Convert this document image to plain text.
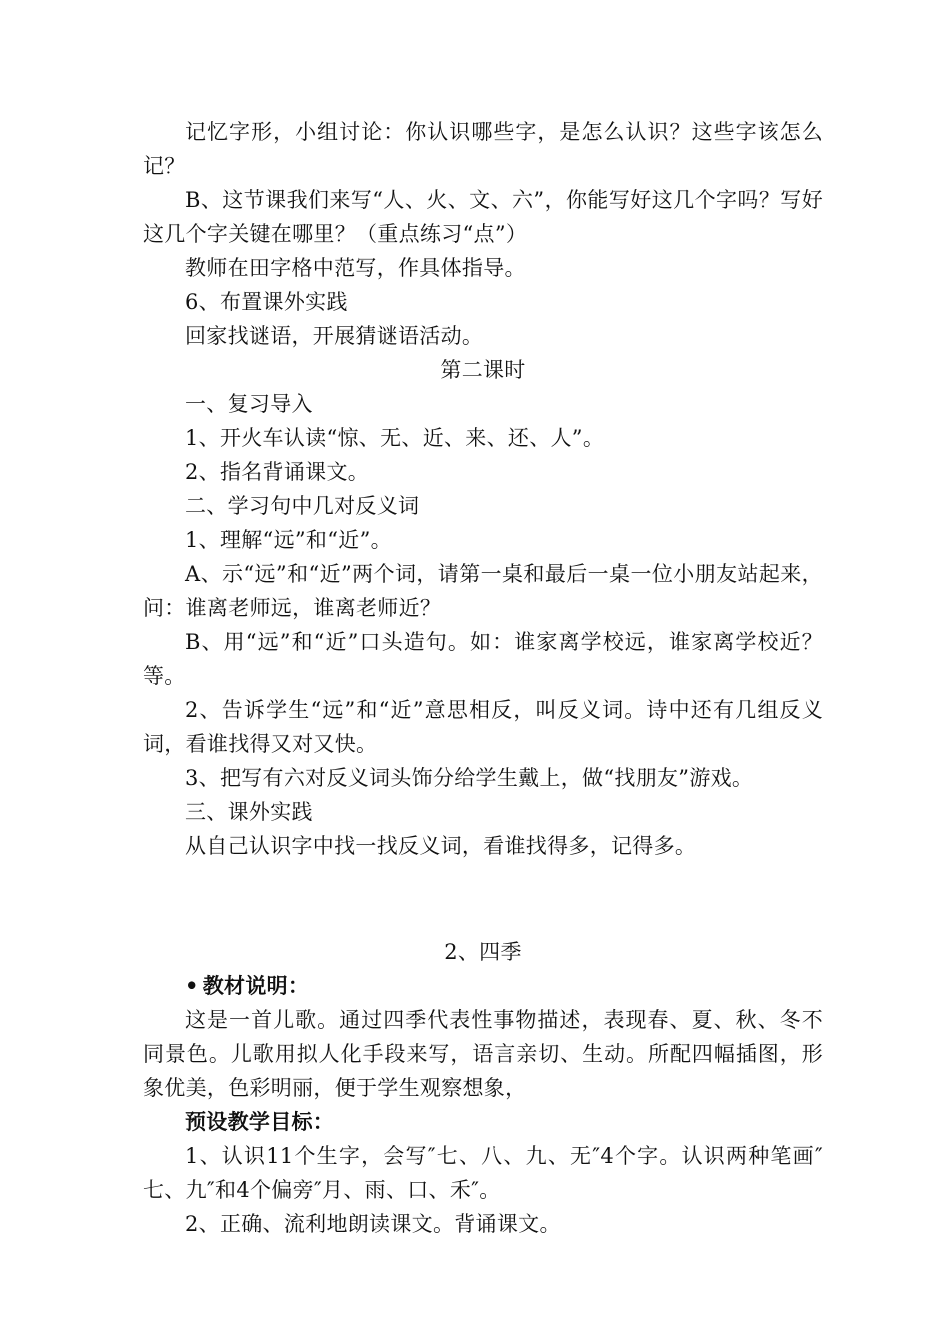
记忆字形，小组讨论：你认识哪些字，是怎么认识？这些字该怎么记？

B、这节课我们来写“人、火、文、六”，你能写好这几个字吗？写好这几个字关键在哪里？（重点练习“点”）

教师在田字格中范写，作具体指导。

6、布置课外实践

回家找谜语，开展猜谜语活动。

第二课时

一、复习导入

1、开火车认读“惊、无、近、来、还、人”。

2、指名背诵课文。

二、学习句中几对反义词

1、理解“远”和“近”。

A、示“远”和“近”两个词，请第一桌和最后一桌一位小朋友站起来，问：谁离老师远，谁离老师近？

B、用“远”和“近”口头造句。如：谁家离学校远，谁家离学校近？等。

2、告诉学生“远”和“近”意思相反，叫反义词。诗中还有几组反义词，看谁找得又对又快。

3、把写有六对反义词头饰分给学生戴上，做“找朋友”游戏。

三、课外实践

从自己认识字中找一找反义词，看谁找得多，记得多。

2、四季

• 教材说明：

这是一首儿歌。通过四季代表性事物描述，表现春、夏、秋、冬不同景色。儿歌用拟人化手段来写，语言亲切、生动。所配四幅插图，形象优美，色彩明丽，便于学生观察想象，

预设教学目标：

1、认识11个生字，会写″七、八、九、无″4个字。认识两种笔画″七、九″和4个偏旁″月、雨、口、禾″。

2、正确、流利地朗读课文。背诵课文。
